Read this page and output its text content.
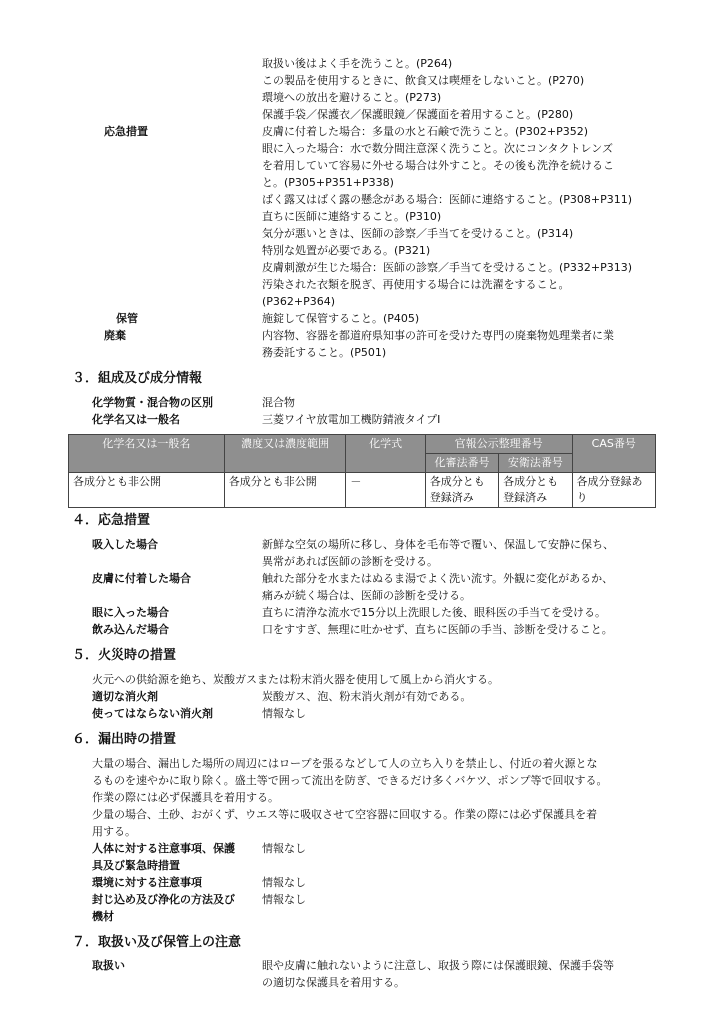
取扱い後はよく手を洗うこと。(P264)
この製品を使用するときに、飲食又は喫煙をしないこと。(P270)
環境への放出を避けること。(P273)
保護手袋／保護衣／保護眼鏡／保護面を着用すること。(P280)
応急措置	皮膚に付着した場合：多量の水と石鹸で洗うこと。(P302+P352)
眼に入った場合：水で数分間注意深く洗うこと。次にコンタクトレンズ
を着用していて容易に外せる場合は外すこと。その後も洗浄を続けるこ
と。(P305+P351+P338)
ばく露又はばく露の懸念がある場合：医師に連絡すること。(P308+P311)
直ちに医師に連絡すること。(P310)
気分が悪いときは、医師の診察／手当てを受けること。(P314)
特別な処置が必要である。(P321)
皮膚刺激が生じた場合：医師の診察／手当てを受けること。(P332+P313)
汚染された衣類を脱ぎ、再使用する場合には洗濯をすること。
(P362+P364)
保管	施錠して保管すること。(P405)
廃棄	内容物、容器を都道府県知事の許可を受けた専門の廃棄物処理業者に業
務委託すること。(P501)
３．組成及び成分情報
化学物質・混合物の区別	混合物
化学名又は一般名	三菱ワイヤ放電加工機防錆液タイプⅠ
化学名又は一般名	濃度又は濃度範囲	化学式	官報公示整理番号		CAS番号
			化審法番号	安衛法番号	
各成分とも非公開	各成分とも非公開	－	各成分とも登録済み	各成分とも登録済み	各成分登録あり
４．応急措置
吸入した場合	新鮮な空気の場所に移し、身体を毛布等で覆い、保温して安静に保ち、
異常があれば医師の診断を受ける。
皮膚に付着した場合	触れた部分を水またはぬるま湯でよく洗い流す。外観に変化があるか、
痛みが続く場合は、医師の診断を受ける。
眼に入った場合	直ちに清浄な流水で15分以上洗眼した後、眼科医の手当てを受ける。
飲み込んだ場合	口をすすぎ、無理に吐かせず、直ちに医師の手当、診断を受けること。
５．火災時の措置
火元への供給源を絶ち、炭酸ガスまたは粉末消火器を使用して風上から消火する。
適切な消火剤	炭酸ガス、泡、粉末消火剤が有効である。
使ってはならない消火剤	情報なし
６．漏出時の措置
大量の場合、漏出した場所の周辺にはロープを張るなどして人の立ち入りを禁止し、付近の着火源とな
るものを速やかに取り除く。盛土等で囲って流出を防ぎ、できるだけ多くバケツ、ポンプ等で回収する。
作業の際には必ず保護具を着用する。
少量の場合、土砂、おがくず、ウエス等に吸収させて空容器に回収する。作業の際には必ず保護具を着
用する。
人体に対する注意事項、保護
具及び緊急時措置
情報なし
環境に対する注意事項	情報なし
封じ込め及び浄化の方法及び
機材
情報なし
７．取扱い及び保管上の注意
取扱い	眼や皮膚に触れないように注意し、取扱う際には保護眼鏡、保護手袋等
の適切な保護具を着用する。
